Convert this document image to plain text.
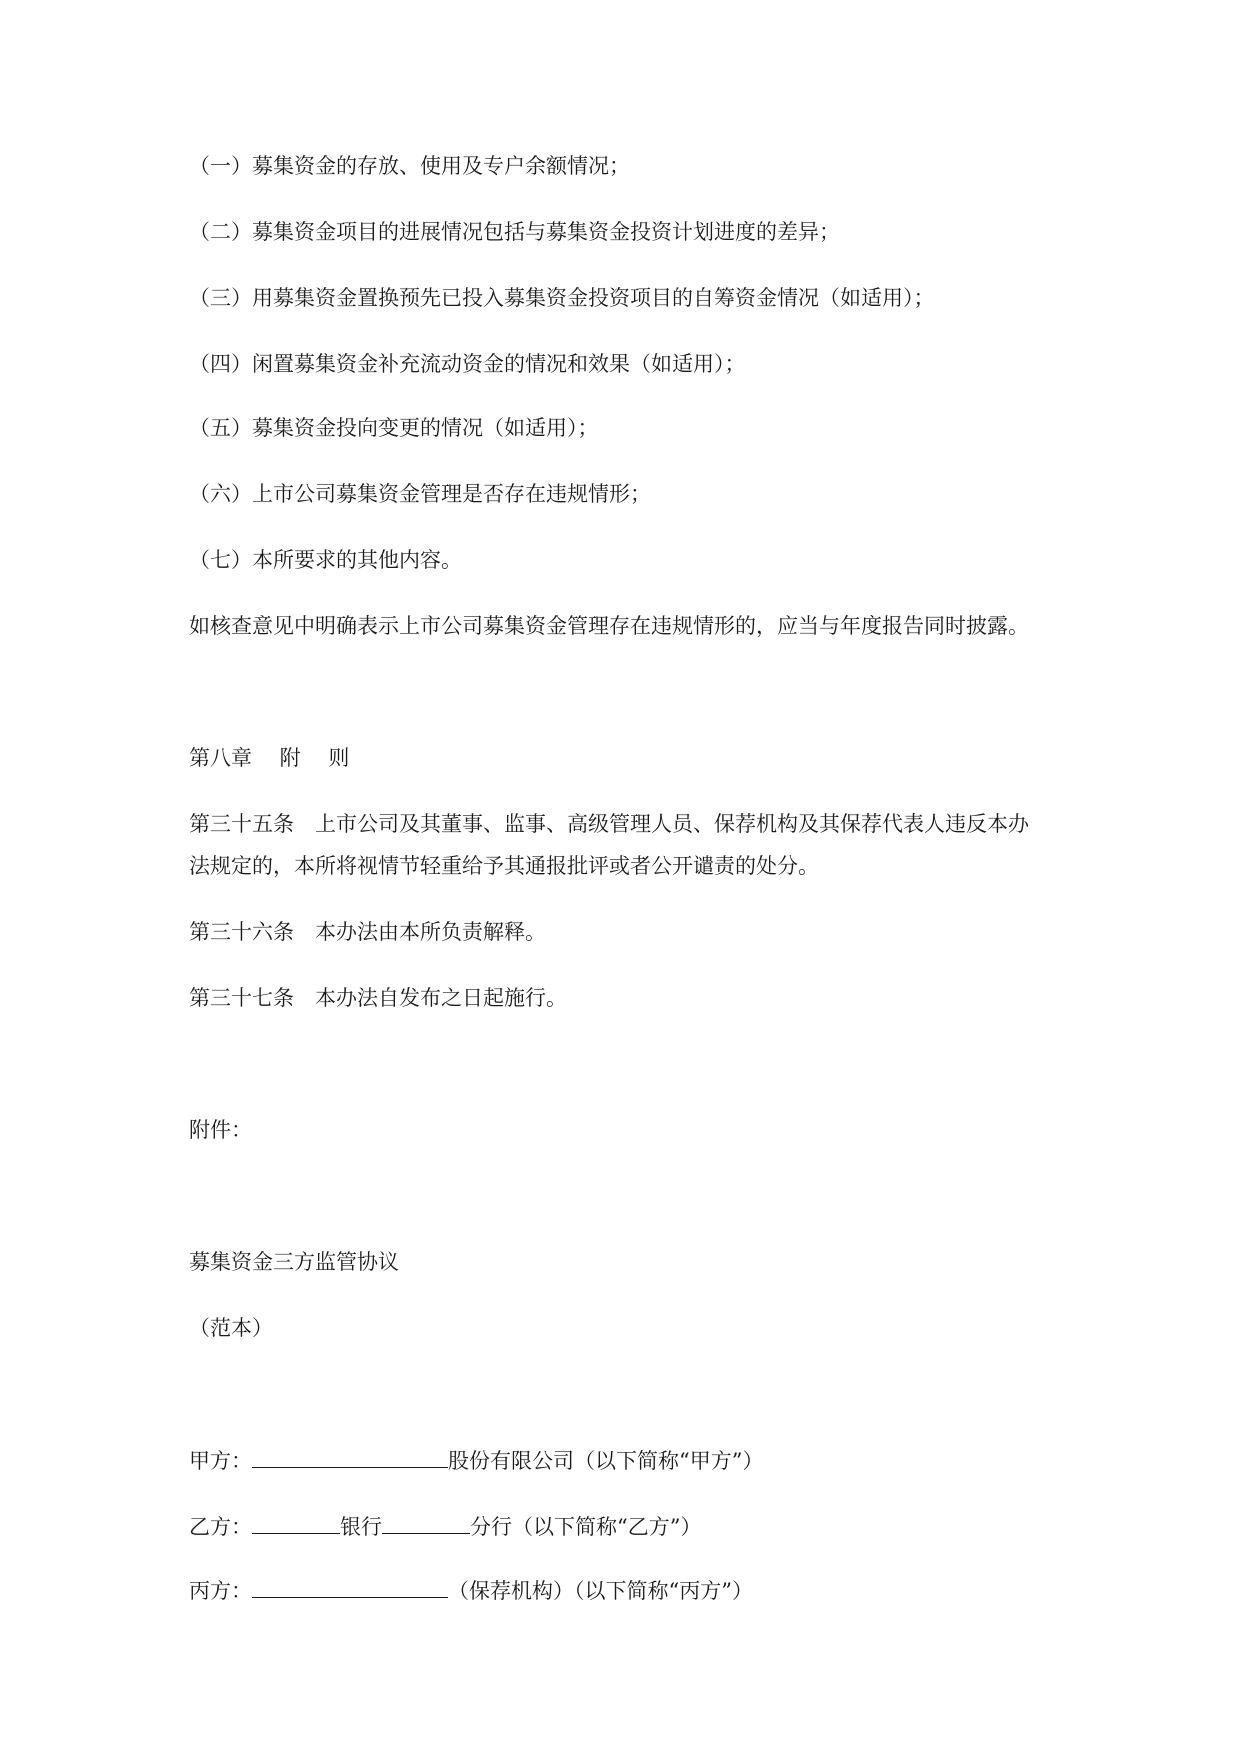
（一）募集资金的存放、使用及专户余额情况；
（二）募集资金项目的进展情况包括与募集资金投资计划进度的差异；
（三）用募集资金置换预先已投入募集资金投资项目的自筹资金情况（如适用）；
（四）闲置募集资金补充流动资金的情况和效果（如适用）；
（五）募集资金投向变更的情况（如适用）；
（六）上市公司募集资金管理是否存在违规情形；
（七）本所要求的其他内容。
如核查意见中明确表示上市公司募集资金管理存在违规情形的，应当与年度报告同时披露。
第八章　 附　 则
第三十五条　上市公司及其董事、监事、高级管理人员、保荐机构及其保荐代表人违反本办
法规定的，本所将视情节轻重给予其通报批评或者公开谴责的处分。
第三十六条　本办法由本所负责解释。
第三十七条　本办法自发布之日起施行。
附件：
募集资金三方监管协议
（范本）
甲方：	股份有限公司（以下简称“甲方”）
乙方：	银行	分行（以下简称“乙方”）
丙方：	（保荐机构）（以下简称“丙方”）
